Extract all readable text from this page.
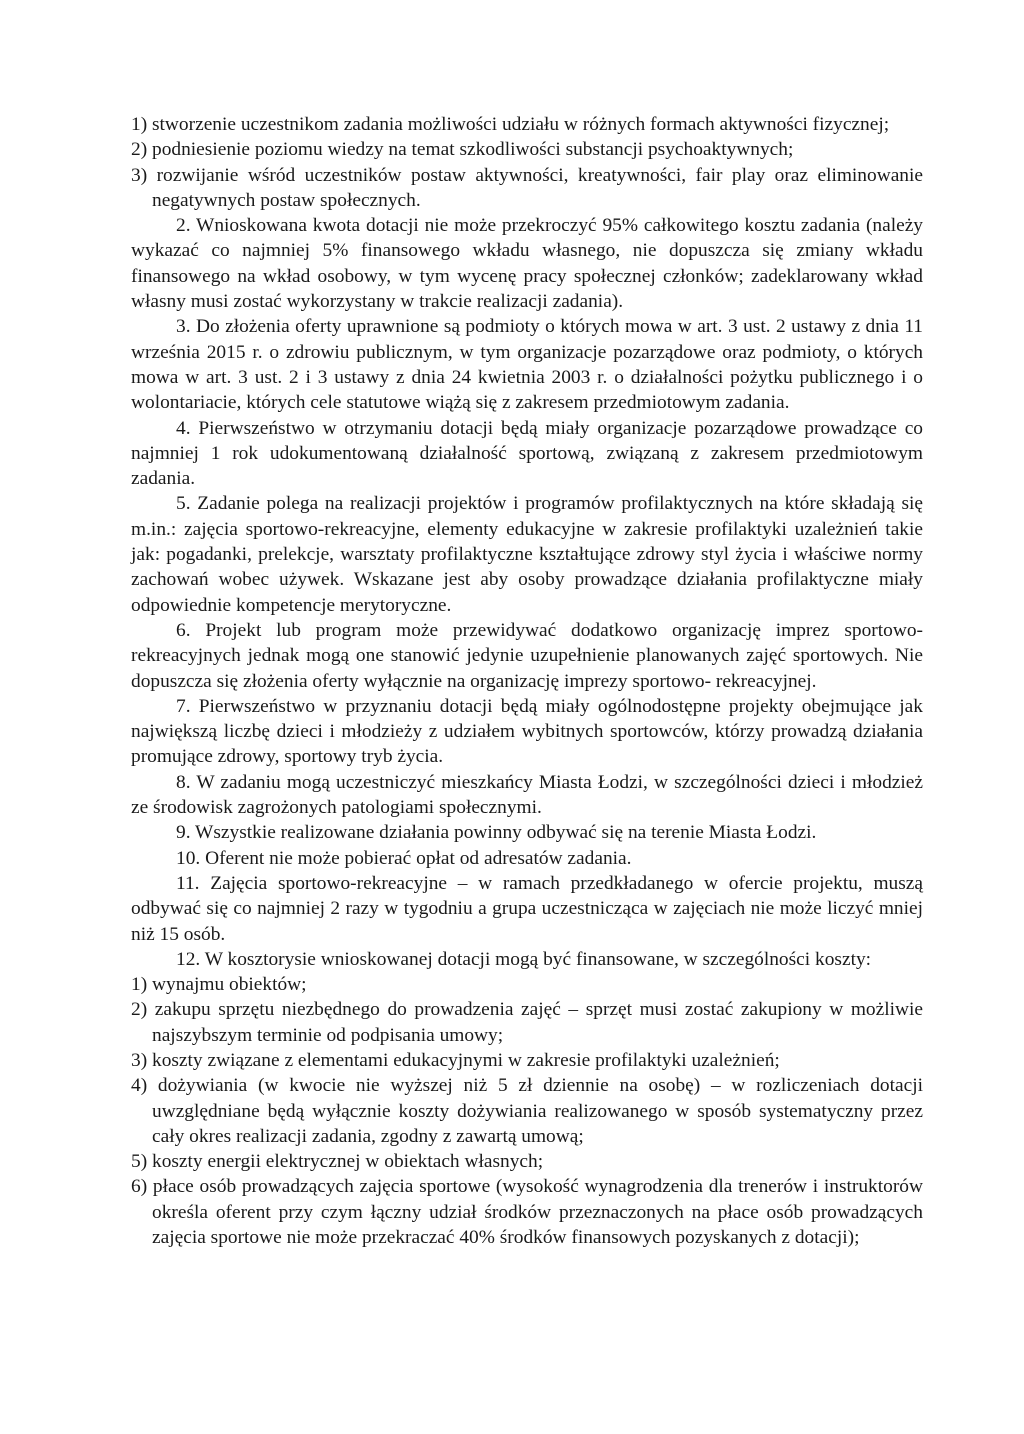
1) stworzenie uczestnikom zadania możliwości udziału w różnych formach aktywności fizycznej;

2) podniesienie poziomu wiedzy na temat szkodliwości substancji psychoaktywnych;

3) rozwijanie wśród uczestników postaw aktywności, kreatywności, fair play oraz eliminowanie negatywnych postaw społecznych.

2. Wnioskowana kwota dotacji nie może przekroczyć 95% całkowitego kosztu zadania (należy wykazać co najmniej 5% finansowego wkładu własnego, nie dopuszcza się zmiany wkładu finansowego na wkład osobowy, w tym wycenę pracy społecznej członków; zadeklarowany wkład własny musi zostać wykorzystany w trakcie realizacji zadania).

3. Do złożenia oferty uprawnione są podmioty o których mowa w art. 3 ust. 2 ustawy z dnia 11 września 2015 r. o zdrowiu publicznym, w tym organizacje pozarządowe oraz podmioty, o których mowa w art. 3 ust. 2 i 3 ustawy z dnia 24 kwietnia 2003 r. o działalności pożytku publicznego i o wolontariacie, których cele statutowe wiążą się z zakresem przedmiotowym zadania.

4. Pierwszeństwo w otrzymaniu dotacji będą miały organizacje pozarządowe prowadzące co najmniej 1 rok udokumentowaną działalność sportową, związaną z zakresem przedmiotowym zadania.

5. Zadanie polega na realizacji projektów i programów profilaktycznych na które składają się m.in.: zajęcia sportowo-rekreacyjne, elementy edukacyjne w zakresie profilaktyki uzależnień takie jak: pogadanki, prelekcje, warsztaty profilaktyczne kształtujące zdrowy styl życia i właściwe normy zachowań wobec używek. Wskazane jest aby osoby prowadzące działania profilaktyczne miały odpowiednie kompetencje merytoryczne.

6. Projekt lub program może przewidywać dodatkowo organizację imprez sportowo-rekreacyjnych jednak mogą one stanowić jedynie uzupełnienie planowanych zajęć sportowych. Nie dopuszcza się złożenia oferty wyłącznie na organizację imprezy sportowo- rekreacyjnej.

7. Pierwszeństwo w przyznaniu dotacji będą miały ogólnodostępne projekty obejmujące jak największą liczbę dzieci i młodzieży z udziałem wybitnych sportowców, którzy prowadzą działania promujące zdrowy, sportowy tryb życia.

8. W zadaniu mogą uczestniczyć mieszkańcy Miasta Łodzi, w szczególności dzieci i młodzież ze środowisk zagrożonych patologiami społecznymi.

9. Wszystkie realizowane działania powinny odbywać się na terenie Miasta Łodzi.

10. Oferent nie może pobierać opłat od adresatów zadania.

11. Zajęcia sportowo-rekreacyjne – w ramach przedkładanego w ofercie projektu, muszą odbywać się co najmniej 2 razy w tygodniu a grupa uczestnicząca w zajęciach nie może liczyć mniej niż 15 osób.

12. W kosztorysie wnioskowanej dotacji mogą być finansowane, w szczególności koszty:

1) wynajmu obiektów;

2) zakupu sprzętu niezbędnego do prowadzenia zajęć – sprzęt musi zostać zakupiony w możliwie najszybszym terminie od podpisania umowy;

3) koszty związane z elementami edukacyjnymi w zakresie profilaktyki uzależnień;

4) dożywiania (w kwocie nie wyższej niż 5 zł dziennie na osobę) – w rozliczeniach dotacji uwzględniane będą wyłącznie koszty dożywiania realizowanego w sposób systematyczny przez cały okres realizacji zadania, zgodny z zawartą umową;

5) koszty energii elektrycznej w obiektach własnych;

6) płace osób prowadzących zajęcia sportowe (wysokość wynagrodzenia dla trenerów i instruktorów określa oferent przy czym łączny udział środków przeznaczonych na płace osób prowadzących zajęcia sportowe nie może przekraczać 40% środków finansowych pozyskanych z dotacji);
